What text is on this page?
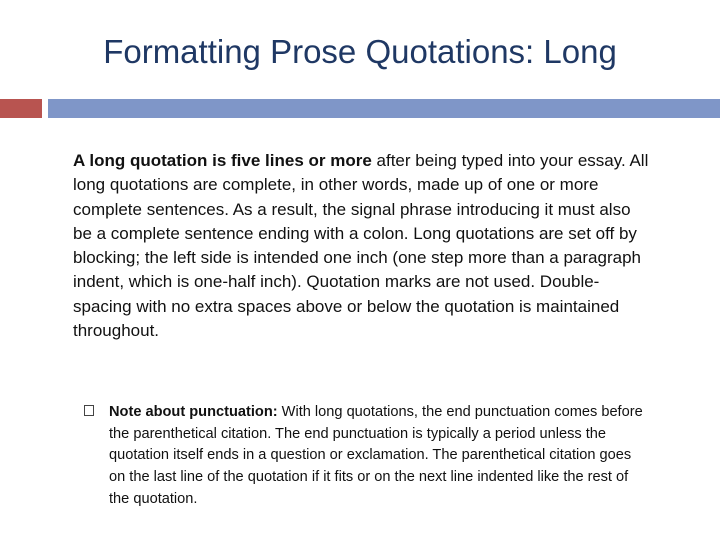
Formatting Prose Quotations: Long

A long quotation is five lines or more after being typed into your essay. All long quotations are complete, in other words, made up of one or more complete sentences. As a result, the signal phrase introducing it must also be a complete sentence ending with a colon. Long quotations are set off by blocking; the left side is intended one inch (one step more than a paragraph indent, which is one-half inch). Quotation marks are not used. Double-spacing with no extra spaces above or below the quotation is maintained throughout.

Note about punctuation: With long quotations, the end punctuation comes before the parenthetical citation. The end punctuation is typically a period unless the quotation itself ends in a question or exclamation. The parenthetical citation goes on the last line of the quotation if it fits or on the next line indented like the rest of the quotation.
